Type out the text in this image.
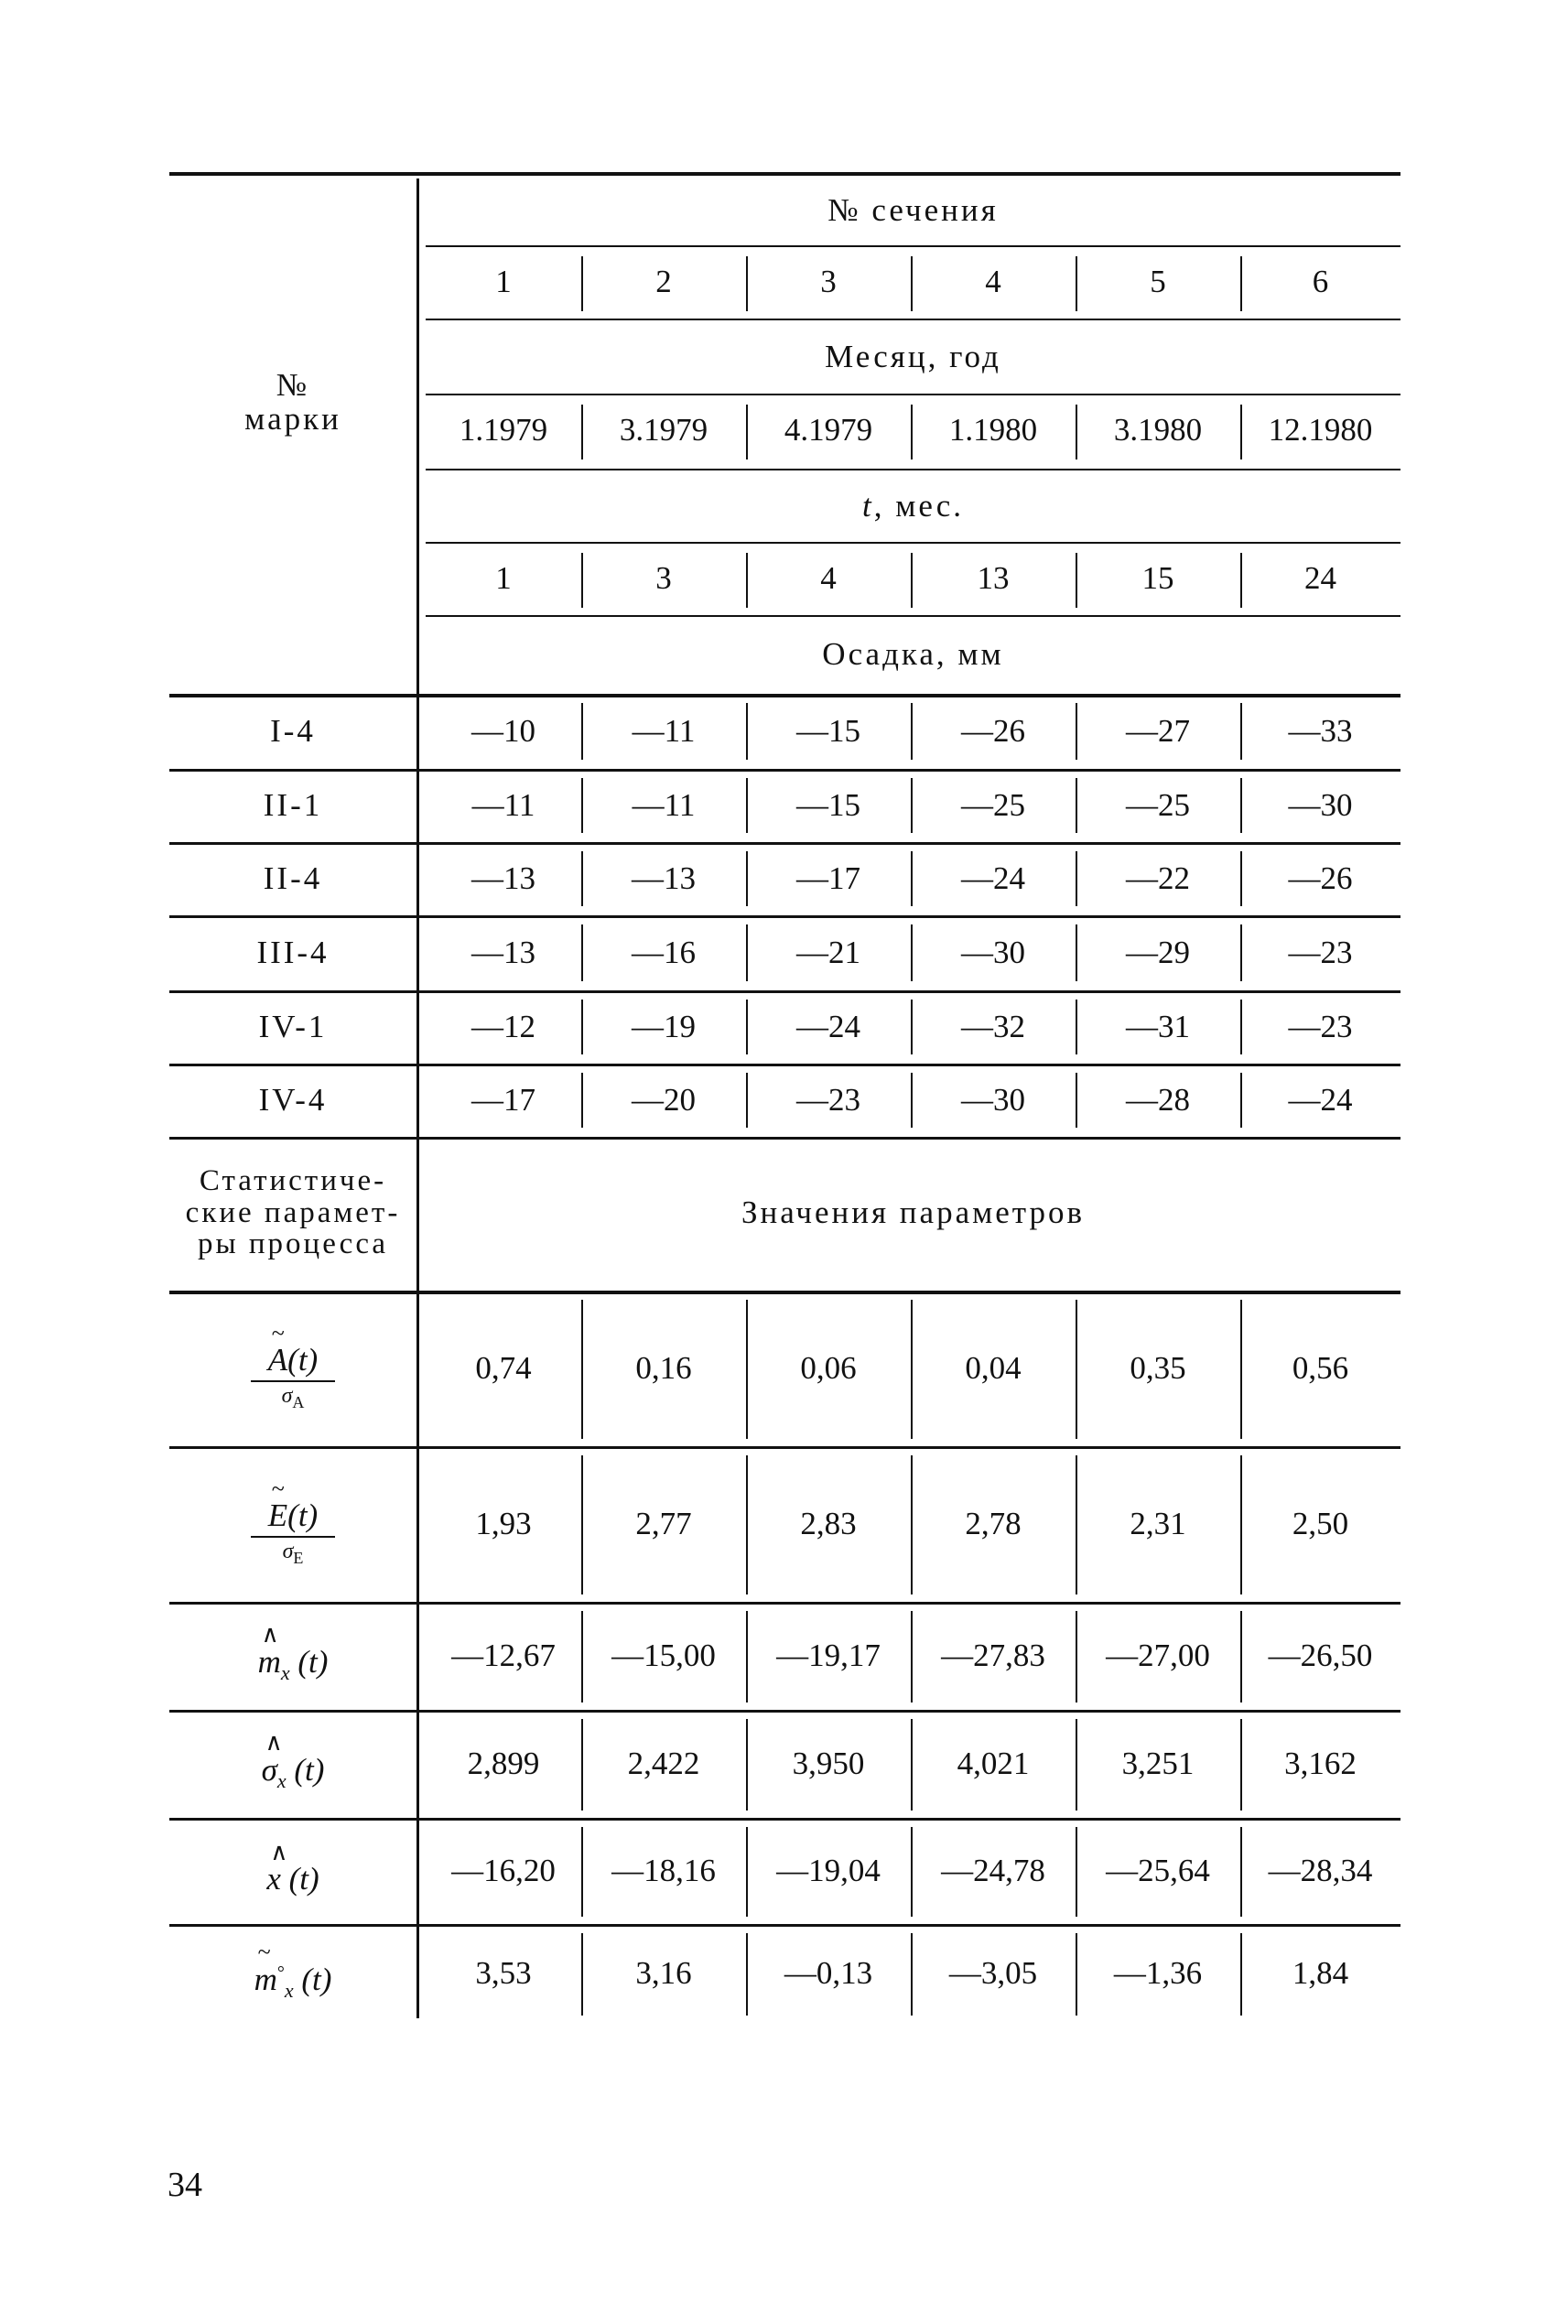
№ сечения
1	2	3	4	5	6
Месяц, год
1.1979	3.1979	4.1979	1.1980	3.1980	12.1980
t , мес.
1	3	4	13	15	24
Осадка, мм
№
марки
I-4	—10	—11	—15	—26	—27	—33
II-1	—11	—11	—15	—25	—25	—30
II-4	—13	—13	—17	—24	—22	—26
III-4	—13	—16	—21	—30	—29	—23
IV-1	—12	—19	—24	—32	—31	—23
IV-4	—17	—20	—23	—30	—28	—24
Статистиче-
ские парамет-
ры процесса
Значения параметров
~
A(t)
$\sigma_A$	0,74	0,16	0,06	0,04	0,35	0,56
~
E(t)
$\sigma_E$	1,93	2,77	2,83	2,78	2,31	2,50
∧
$m_x$ (t)	—12,67	—15,00	—19,17	—27,83	—27,00	—26,50
∧
$\sigma_x$ (t)	2,899	2,422	3,950	4,021	3,251	3,162
∧
x (t)	—16,20	—18,16	—19,04	—24,78	—25,64	—28,34
~
$m^\circ_x$ (t)	3,53	3,16	—0,13	—3,05	—1,36	1,84
34
